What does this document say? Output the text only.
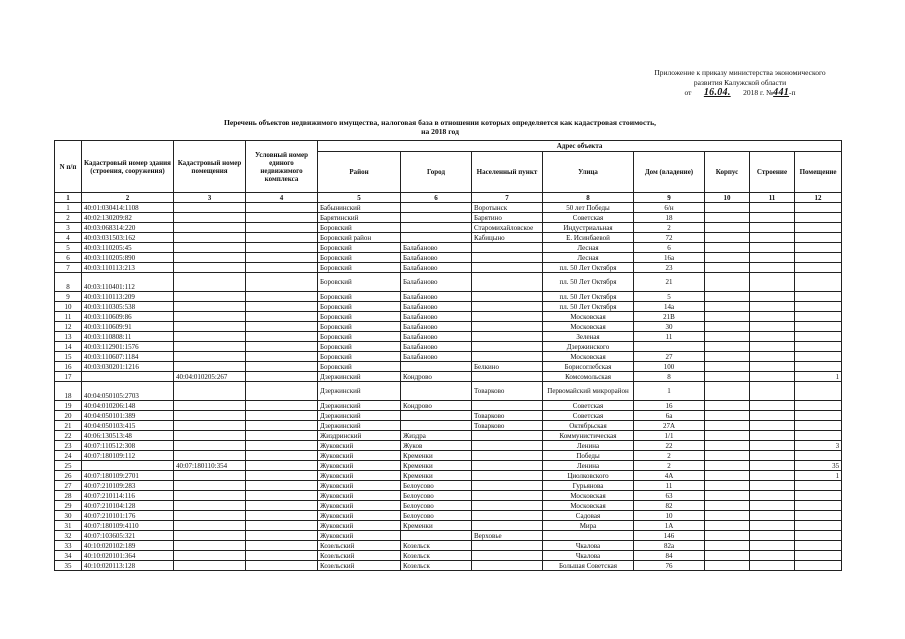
Приложение к приказу министерства экономического
развития Калужской области
от 16.04. 2018 г. №441-п
Перечень объектов недвижимого имущества, налоговая база в отношении которых определяется как кадастровая стоимость,
на 2018 год
N п/п	Кадастровый номер здания (строения, сооружения)	Кадастровый номер помещения	Условный номер единого недвижимого комплекса	Адрес объекта							
				Район	Город	Населенный пункт	Улица	Дом (владение)	Корпус	Строение	Помещение
1	2	3	4	5	6	7	8	9	10	11	12
1	40:01:030414:1108			Бабынинский		Воротынск	50 лет Победы	6/н			
2	40:02:130209:82			Барятинский		Барятино	Советская	18			
3	40:03:068314:220			Боровский		Старомихайловское	Индустриальная	2			
4	40:03:031503:162			Боровский район		Кабицыно	Е. Исинбаевой	72			
5	40:03:110205:45			Боровский	Балабаново		Лесная	6			
6	40:03:110205:890			Боровский	Балабаново		Лесная	16а			
7	40:03:110113:213			Боровский	Балабаново		пл. 50 Лет Октября	23			
8	40:03:110401:112			Боровский	Балабаново		пл. 50 Лет Октября	21			
9	40:03:110113:209			Боровский	Балабаново		пл. 50 Лет Октября	5			
10	40:03:110305:538			Боровский	Балабаново		пл. 50 Лет Октября	14а			
11	40:03:110609:86			Боровский	Балабаново		Московская	21В			
12	40:03:110609:91			Боровский	Балабаново		Московская	30			
13	40:03:110808:11			Боровский	Балабаново		Зеленая	11			
14	40:03:112901:1576			Боровский	Балабаново		Дзержинского				
15	40:03:110607:1184			Боровский	Балабаново		Московская	27			
16	40:03:030201:1216			Боровский		Белкино	Борисоглебская	100			
17		40:04:010205:267		Дзержинский	Кондрово		Комсомольская	8			1
18	40:04:050105:2703			Дзержинский		Товарково	Первомайский микрорайон	1			
19	40:04:010206:148			Дзержинский	Кондрово		Советская	16			
20	40:04:050101:389			Дзержинский		Товарково	Советская	6а			
21	40:04:050103:415			Дзержинский		Товарково	Октябрьская	27А			
22	40:06:130513:48			Жиздринский	Жиздра		Коммунистическая	1/1			
23	40:07:110512:308			Жуковский	Жуков		Ленина	22			3
24	40:07:180109:112			Жуковский	Кременки		Победы	2			
25		40:07:180110:354		Жуковский	Кременки		Ленина	2			35
26	40:07:180109:2701			Жуковский	Кременки		Циолковского	4А			1
27	40:07:210109:283			Жуковский	Белоусово		Гурьянова	11			
28	40:07:210114:116			Жуковский	Белоусово		Московская	63			
29	40:07:210104:128			Жуковский	Белоусово		Московская	82			
30	40:07:210101:176			Жуковский	Белоусово		Садовая	10			
31	40:07:180109:4110			Жуковский	Кременки		Мира	1А			
32	40:07:103605:321			Жуковский		Верховье		146			
33	40:10:020102:189			Козельский	Козельск		Чкалова	82а			
34	40:10:020101:364			Козельский	Козельск		Чкалова	84			
35	40:10:020113:128			Козельский	Козельск		Большая Советская	76			
